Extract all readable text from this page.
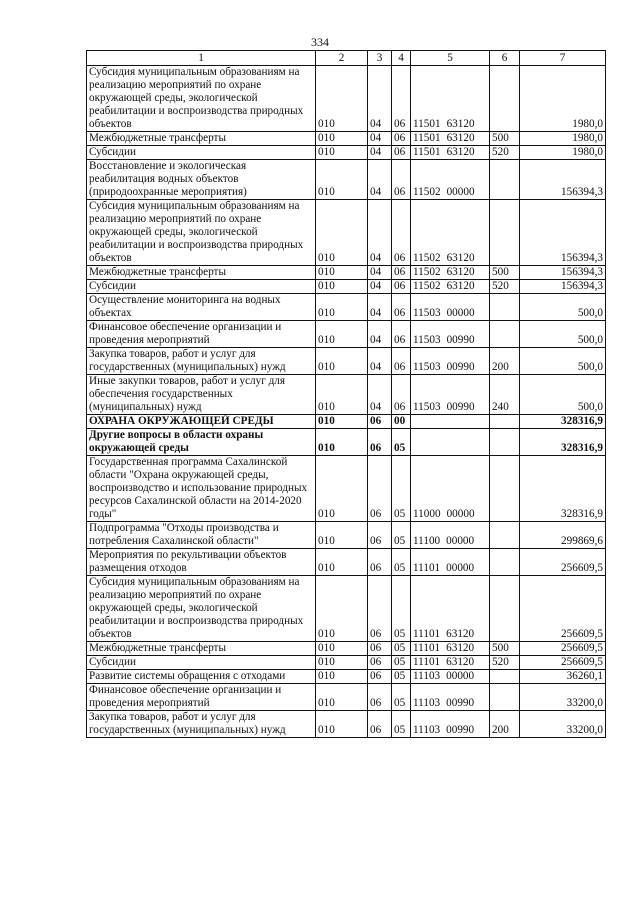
334
1	2	3	4	5	6	7
Субсидия муниципальным образованиям на реализацию мероприятий по охране окружающей среды, экологической реабилитации и воспроизводства природных объектов	010	04	06	11501 63120		1980,0
Межбюджетные трансферты	010	04	06	11501 63120	500	1980,0
Субсидии	010	04	06	11501 63120	520	1980,0
Восстановление и экологическая реабилитация водных объектов (природоохранные мероприятия)	010	04	06	11502 00000		156394,3
Субсидия муниципальным образованиям на реализацию мероприятий по охране окружающей среды, экологической реабилитации и воспроизводства природных объектов	010	04	06	11502 63120		156394,3
Межбюджетные трансферты	010	04	06	11502 63120	500	156394,3
Субсидии	010	04	06	11502 63120	520	156394,3
Осуществление мониторинга на водных объектах	010	04	06	11503 00000		500,0
Финансовое обеспечение организации и проведения мероприятий	010	04	06	11503 00990		500,0
Закупка товаров, работ и услуг для государственных (муниципальных) нужд	010	04	06	11503 00990	200	500,0
Иные закупки товаров, работ и услуг для обеспечения государственных (муниципальных) нужд	010	04	06	11503 00990	240	500,0
ОХРАНА ОКРУЖАЮЩЕЙ СРЕДЫ	010	06	00			328316,9
Другие вопросы в области охраны окружающей среды	010	06	05			328316,9
Государственная программа Сахалинской области "Охрана окружающей среды, воспроизводство и использование природных ресурсов Сахалинской области на 2014-2020 годы"	010	06	05	11000 00000		328316,9
Подпрограмма "Отходы производства и потребления Сахалинской области"	010	06	05	11100 00000		299869,6
Мероприятия по рекультивации объектов размещения отходов	010	06	05	11101 00000		256609,5
Субсидия муниципальным образованиям на реализацию мероприятий по охране окружающей среды, экологической реабилитации и воспроизводства природных объектов	010	06	05	11101 63120		256609,5
Межбюджетные трансферты	010	06	05	11101 63120	500	256609,5
Субсидии	010	06	05	11101 63120	520	256609,5
Развитие системы обращения с отходами	010	06	05	11103 00000		36260,1
Финансовое обеспечение организации и проведения мероприятий	010	06	05	11103 00990		33200,0
Закупка товаров, работ и услуг для государственных (муниципальных) нужд	010	06	05	11103 00990	200	33200,0
